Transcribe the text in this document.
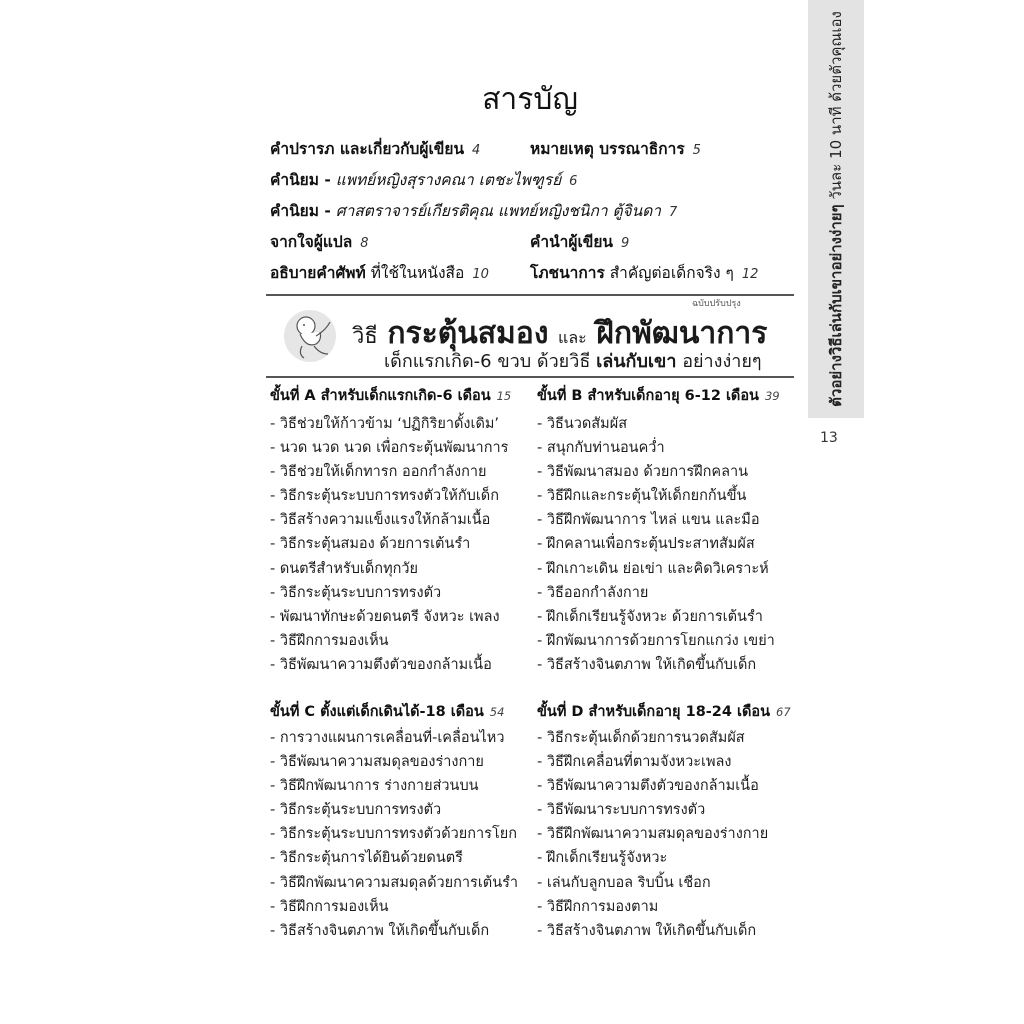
ตัวอย่างวิธีเล่นกับเขาอย่างง่ายๆ วันละ 10 นาที ด้วยตัวคุณเอง
13
สารบัญ
คำปรารภ และเกี่ยวกับผู้เขียน 4	หมายเหตุ บรรณาธิการ 5
คำนิยม - แพทย์หญิงสุรางคณา เตชะไพฑูรย์ 6
คำนิยม - ศาสตราจารย์เกียรติคุณ แพทย์หญิงชนิกา ตู้จินดา 7
จากใจผู้แปล 8	คำนำผู้เขียน 9
อธิบายคำศัพท์ ที่ใช้ในหนังสือ 10	โภชนาการ สำคัญต่อเด็กจริง ๆ 12
ฉบับปรับปรุง
วิธี กระตุ้นสมอง และ ฝึกพัฒนาการ
เด็กแรกเกิด-6 ขวบ ด้วยวิธี เล่นกับเขา อย่างง่ายๆ
ขั้นที่ A สำหรับเด็กแรกเกิด-6 เดือน 15
- วิธีช่วยให้ก้าวข้าม ‘ปฏิกิริยาดั้งเดิม’
- นวด นวด นวด เพื่อกระตุ้นพัฒนาการ
- วิธีช่วยให้เด็กทารก ออกกำลังกาย
- วิธีกระตุ้นระบบการทรงตัวให้กับเด็ก
- วิธีสร้างความแข็งแรงให้กล้ามเนื้อ
- วิธีกระตุ้นสมอง ด้วยการเต้นรำ
- ดนตรีสำหรับเด็กทุกวัย
- วิธีกระตุ้นระบบการทรงตัว
- พัฒนาทักษะด้วยดนตรี จังหวะ เพลง
- วิธีฝึกการมองเห็น
- วิธีพัฒนาความตึงตัวของกล้ามเนื้อ
ขั้นที่ B สำหรับเด็กอายุ 6-12 เดือน 39
- วิธีนวดสัมผัส
- สนุกกับท่านอนคว่ำ
- วิธีพัฒนาสมอง ด้วยการฝึกคลาน
- วิธีฝึกและกระตุ้นให้เด็กยกก้นขึ้น
- วิธีฝึกพัฒนาการ ไหล่ แขน และมือ
- ฝึกคลานเพื่อกระตุ้นประสาทสัมผัส
- ฝึกเกาะเดิน ย่อเข่า และคิดวิเคราะห์
- วิธีออกกำลังกาย
- ฝึกเด็กเรียนรู้จังหวะ ด้วยการเต้นรำ
- ฝึกพัฒนาการด้วยการโยกแกว่ง เขย่า
- วิธีสร้างจินตภาพ ให้เกิดขึ้นกับเด็ก
ขั้นที่ C ตั้งแต่เด็กเดินได้-18 เดือน 54
- การวางแผนการเคลื่อนที่-เคลื่อนไหว
- วิธีพัฒนาความสมดุลของร่างกาย
- วิธีฝึกพัฒนาการ ร่างกายส่วนบน
- วิธีกระตุ้นระบบการทรงตัว
- วิธีกระตุ้นระบบการทรงตัวด้วยการโยก
- วิธีกระตุ้นการได้ยินด้วยดนตรี
- วิธีฝึกพัฒนาความสมดุลด้วยการเต้นรำ
- วิธีฝึกการมองเห็น
- วิธีสร้างจินตภาพ ให้เกิดขึ้นกับเด็ก
ขั้นที่ D สำหรับเด็กอายุ 18-24 เดือน 67
- วิธีกระตุ้นเด็กด้วยการนวดสัมผัส
- วิธีฝึกเคลื่อนที่ตามจังหวะเพลง
- วิธีพัฒนาความตึงตัวของกล้ามเนื้อ
- วิธีพัฒนาระบบการทรงตัว
- วิธีฝึกพัฒนาความสมดุลของร่างกาย
- ฝึกเด็กเรียนรู้จังหวะ
- เล่นกับลูกบอล ริบบิ้น เชือก
- วิธีฝึกการมองตาม
- วิธีสร้างจินตภาพ ให้เกิดขึ้นกับเด็ก
